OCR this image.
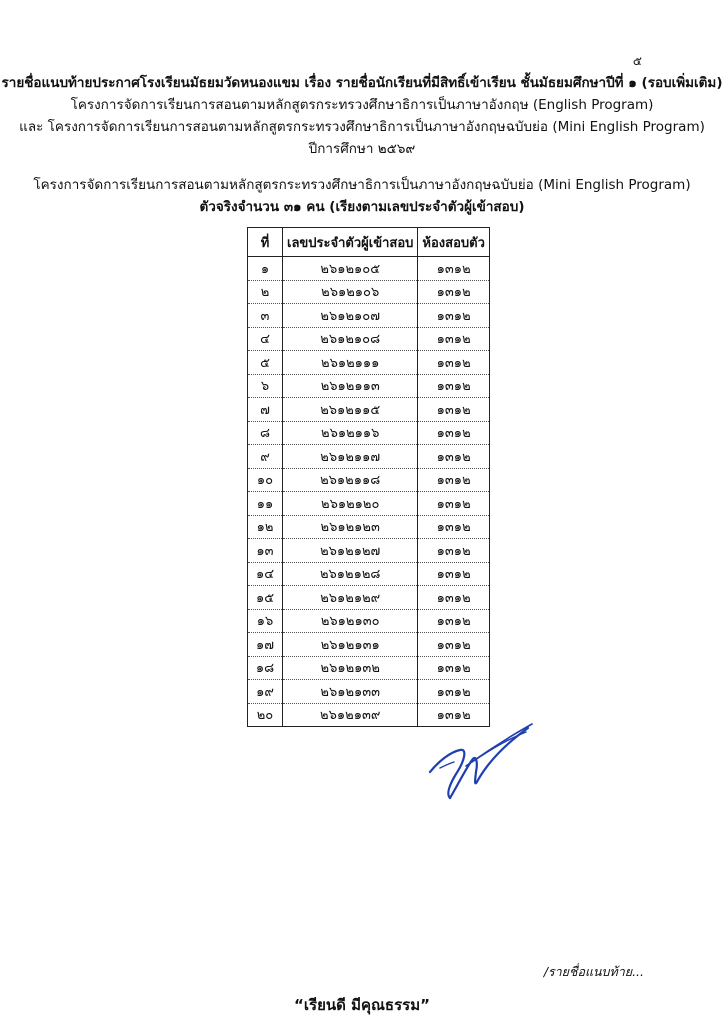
๕
รายชื่อแนบท้ายประกาศโรงเรียนมัธยมวัดหนองแขม เรื่อง รายชื่อนักเรียนที่มีสิทธิ์เข้าเรียน ชั้นมัธยมศึกษาปีที่ ๑ (รอบเพิ่มเติม)
โครงการจัดการเรียนการสอนตามหลักสูตรกระทรวงศึกษาธิการเป็นภาษาอังกฤษ (English Program)
และ โครงการจัดการเรียนการสอนตามหลักสูตรกระทรวงศึกษาธิการเป็นภาษาอังกฤษฉบับย่อ (Mini English Program)
ปีการศึกษา ๒๕๖๙
โครงการจัดการเรียนการสอนตามหลักสูตรกระทรวงศึกษาธิการเป็นภาษาอังกฤษฉบับย่อ (Mini English Program)
ตัวจริงจำนวน ๓๑ คน (เรียงตามเลขประจำตัวผู้เข้าสอบ)
ที่	เลขประจำตัวผู้เข้าสอบ	ห้องสอบตัว
๑	๒๖๑๒๑๐๕	๑๓๑๒
๒	๒๖๑๒๑๐๖	๑๓๑๒
๓	๒๖๑๒๑๐๗	๑๓๑๒
๔	๒๖๑๒๑๐๘	๑๓๑๒
๕	๒๖๑๒๑๑๑	๑๓๑๒
๖	๒๖๑๒๑๑๓	๑๓๑๒
๗	๒๖๑๒๑๑๕	๑๓๑๒
๘	๒๖๑๒๑๑๖	๑๓๑๒
๙	๒๖๑๒๑๑๗	๑๓๑๒
๑๐	๒๖๑๒๑๑๘	๑๓๑๒
๑๑	๒๖๑๒๑๒๐	๑๓๑๒
๑๒	๒๖๑๒๑๒๓	๑๓๑๒
๑๓	๒๖๑๒๑๒๗	๑๓๑๒
๑๔	๒๖๑๒๑๒๘	๑๓๑๒
๑๕	๒๖๑๒๑๒๙	๑๓๑๒
๑๖	๒๖๑๒๑๓๐	๑๓๑๒
๑๗	๒๖๑๒๑๓๑	๑๓๑๒
๑๘	๒๖๑๒๑๓๒	๑๓๑๒
๑๙	๒๖๑๒๑๓๓	๑๓๑๒
๒๐	๒๖๑๒๑๓๙	๑๓๑๒
/รายชื่อแนบท้าย...
“เรียนดี มีคุณธรรม”
